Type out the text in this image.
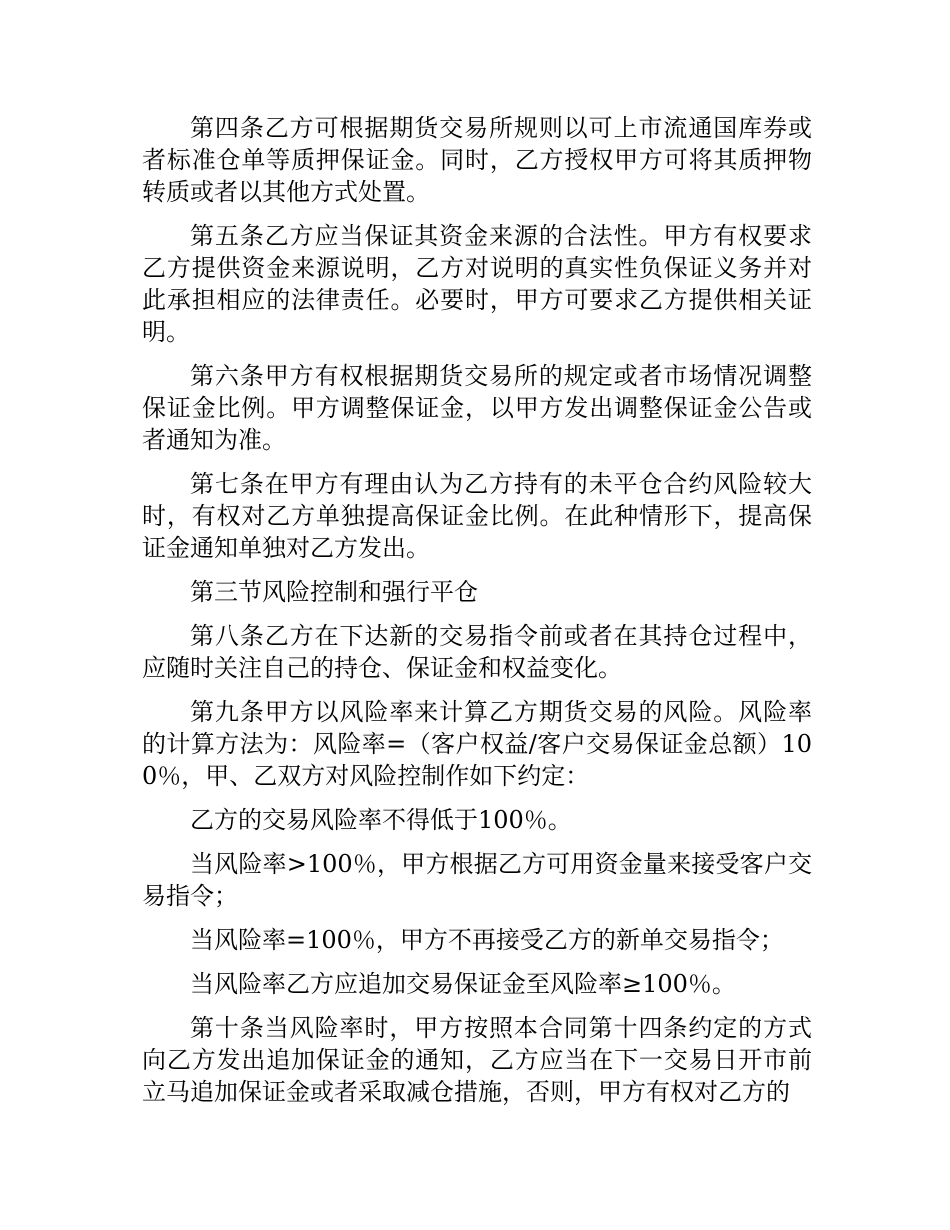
第四条乙方可根据期货交易所规则以可上市流通国库券或者标准仓单等质押保证金。同时，乙方授权甲方可将其质押物转质或者以其他方式处置。

第五条乙方应当保证其资金来源的合法性。甲方有权要求乙方提供资金来源说明，乙方对说明的真实性负保证义务并对此承担相应的法律责任。必要时，甲方可要求乙方提供相关证明。

第六条甲方有权根据期货交易所的规定或者市场情况调整保证金比例。甲方调整保证金，以甲方发出调整保证金公告或者通知为准。

第七条在甲方有理由认为乙方持有的未平仓合约风险较大时，有权对乙方单独提高保证金比例。在此种情形下，提高保证金通知单独对乙方发出。

第三节风险控制和强行平仓

第八条乙方在下达新的交易指令前或者在其持仓过程中，应随时关注自己的持仓、保证金和权益变化。

第九条甲方以风险率来计算乙方期货交易的风险。风险率的计算方法为：风险率=（客户权益/客户交易保证金总额）100％，甲、乙双方对风险控制作如下约定：

乙方的交易风险率不得低于100％。

当风险率>100％，甲方根据乙方可用资金量来接受客户交易指令；

当风险率=100％，甲方不再接受乙方的新单交易指令；

当风险率乙方应追加交易保证金至风险率≥100％。

第十条当风险率时，甲方按照本合同第十四条约定的方式向乙方发出追加保证金的通知，乙方应当在下一交易日开市前立马追加保证金或者采取减仓措施，否则，甲方有权对乙方的
